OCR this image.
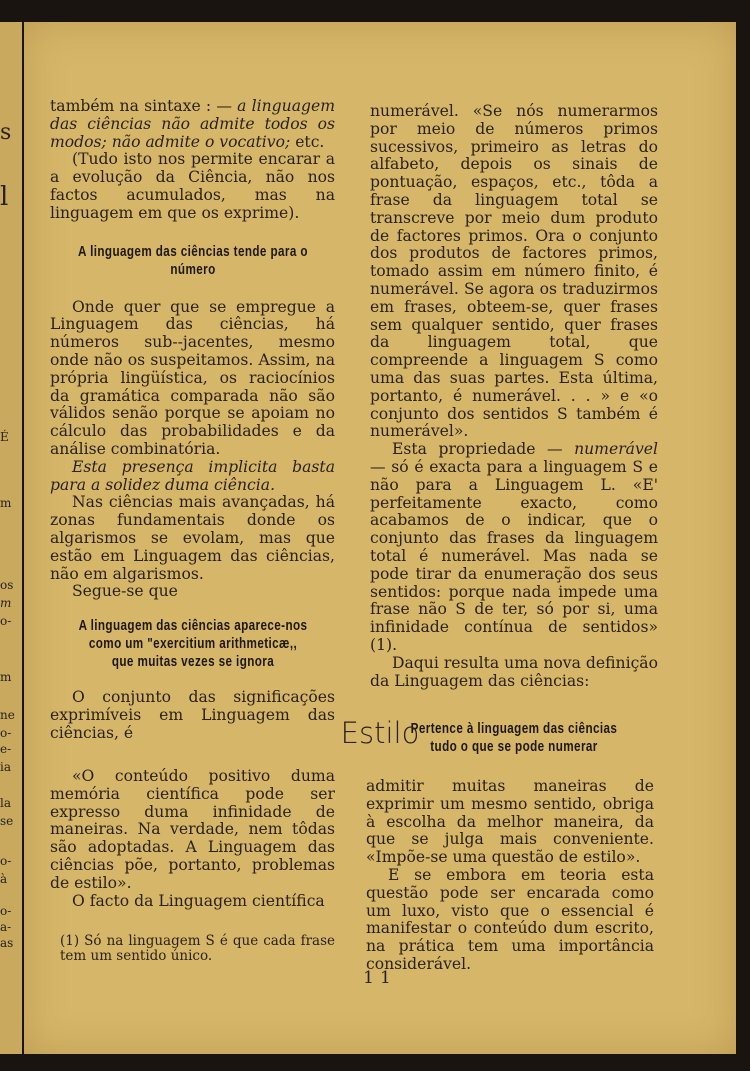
s
l
É
m
os
m
o-
m
ne
o-
e-
ia
la
se
o-
à
o-
a-
as

também na sintaxe : — a linguagem das ciências não admite todos os modos; não admite o vocativo; etc.

(Tudo isto nos permite encarar a a evolução da Ciência, não nos factos acumulados, mas na linguagem em que os exprime).

A linguagem das ciências tende para o número

Onde quer que se empregue a Linguagem das ciências, há números sub--jacentes, mesmo onde não os suspeitamos. Assim, na própria lingüística, os raciocínios da gramática comparada não são válidos senão porque se apoiam no cálculo das probabilidades e da análise combinatória.

Esta presença implicita basta para a solidez duma ciência.

Nas ciências mais avançadas, há zonas fundamentais donde os algarismos se evolam, mas que estão em Linguagem das ciências, não em algarismos.

Segue-se que

A linguagem das ciências aparece-nos
como um "exercitium arithmeticæ,,
que muitas vezes se ignora

O conjunto das significações exprimíveis em Linguagem das ciências, é

numerável. «Se nós numerarmos por meio de números primos sucessivos, primeiro as letras do alfabeto, depois os sinais de pontuação, espaços, etc., tôda a frase da linguagem total se transcreve por meio dum produto de factores primos. Ora o conjunto dos produtos de factores primos, tomado assim em número finito, é numerável. Se agora os traduzirmos em frases, obteem-se, quer frases sem qualquer sentido, quer frases da linguagem total, que compreende a linguagem S como uma das suas partes. Esta última, portanto, é numerável. . . » e «o conjunto dos sentidos S também é numerável».

Esta propriedade — numerável — só é exacta para a linguagem S e não para a Linguagem L. «E' perfeitamente exacto, como acabamos de o indicar, que o conjunto das frases da linguagem total é numerável. Mas nada se pode tirar da enumeração dos seus sentidos: porque nada impede uma frase não S de ter, só por si, uma infinidade contínua de sentidos» (1).

Daqui resulta uma nova definição da Linguagem das ciências:

Pertence à linguagem das ciências
tudo o que se pode numerar
Estilo

«O conteúdo positivo duma memória científica pode ser expresso duma infinidade de maneiras. Na verdade, nem tôdas são adoptadas. A Linguagem das ciências põe, portanto, problemas de estilo».

O facto da Linguagem científica

(1) Só na linguagem S é que cada frase tem um sentido único.

admitir muitas maneiras de exprimir um mesmo sentido, obriga à escolha da melhor maneira, da que se julga mais conveniente. «Impõe-se uma questão de estilo».

E se embora em teoria esta questão pode ser encarada como um luxo, visto que o essencial é manifestar o conteúdo dum escrito, na prática tem uma importância considerável.

11
